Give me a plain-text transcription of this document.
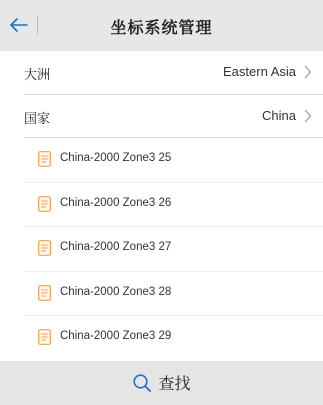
坐标系统管理
大洲	Eastern Asia
国家	China
China-2000 Zone3 25
China-2000 Zone3 26
China-2000 Zone3 27
China-2000 Zone3 28
China-2000 Zone3 29
查找
